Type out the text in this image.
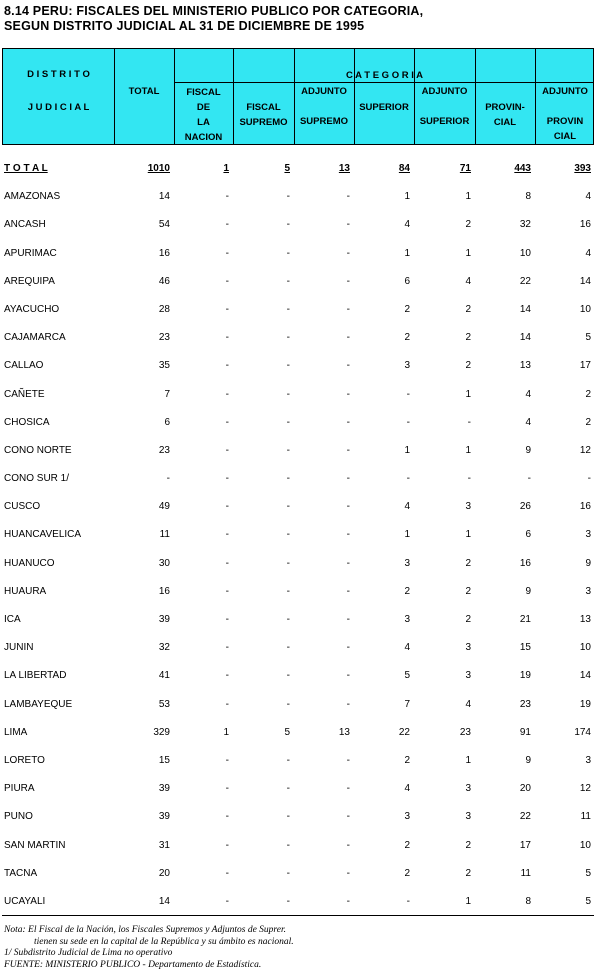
8.14 PERU: FISCALES DEL MINISTERIO PUBLICO POR CATEGORIA,
SEGUN DISTRITO JUDICIAL AL 31 DE DICIEMBRE DE 1995
D I S T R I T O
J U D I C I A L
TOTAL
C A T E G O R I A
FISCAL
DE
LA
NACION
FISCAL
SUPREMO
ADJUNTO

SUPREMO
SUPERIOR
ADJUNTO

SUPERIOR
PROVIN-
CIAL
ADJUNTO

PROVIN
CIAL
T O T A L	1010	1	5	13	84	71	443	393
AMAZONAS	14	-	-	-	1	1	8	4
ANCASH	54	-	-	-	4	2	32	16
APURIMAC	16	-	-	-	1	1	10	4
AREQUIPA	46	-	-	-	6	4	22	14
AYACUCHO	28	-	-	-	2	2	14	10
CAJAMARCA	23	-	-	-	2	2	14	5
CALLAO	35	-	-	-	3	2	13	17
CAÑETE	7	-	-	-	-	1	4	2
CHOSICA	6	-	-	-	-	-	4	2
CONO NORTE	23	-	-	-	1	1	9	12
CONO SUR 1/	-	-	-	-	-	-	-	-
CUSCO	49	-	-	-	4	3	26	16
HUANCAVELICA	11	-	-	-	1	1	6	3
HUANUCO	30	-	-	-	3	2	16	9
HUAURA	16	-	-	-	2	2	9	3
ICA	39	-	-	-	3	2	21	13
JUNIN	32	-	-	-	4	3	15	10
LA LIBERTAD	41	-	-	-	5	3	19	14
LAMBAYEQUE	53	-	-	-	7	4	23	19
LIMA	329	1	5	13	22	23	91	174
LORETO	15	-	-	-	2	1	9	3
PIURA	39	-	-	-	4	3	20	12
PUNO	39	-	-	-	3	3	22	11
SAN MARTIN	31	-	-	-	2	2	17	10
TACNA	20	-	-	-	2	2	11	5
UCAYALI	14	-	-	-	-	1	8	5
Nota: El Fiscal de la Nación, los Fiscales Supremos y Adjuntos de Suprer.
tienen su sede en la capital de la República y su ámbito es nacional.
1/ Subdistrito Judicial de Lima no operativo
FUENTE: MINISTERIO PUBLICO - Departamento de Estadística.
